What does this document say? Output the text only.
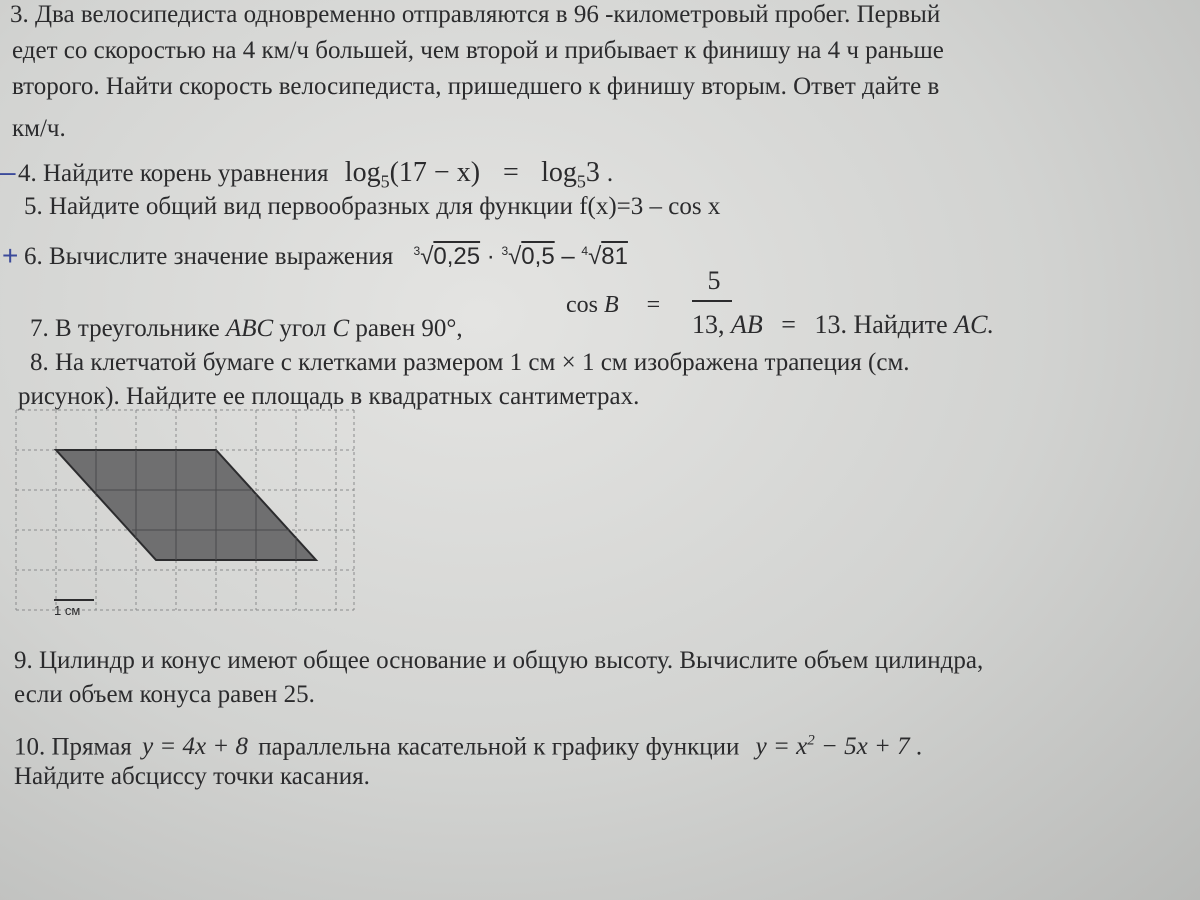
3. Два велосипедиста одновременно отправляются в 96 -километровый пробег. Первый
едет со скоростью на 4 км/ч большей, чем второй и прибывает к финишу на 4 ч раньше
второго. Найти скорость велосипедиста, пришедшего к финишу вторым. Ответ дайте в
км/ч.
– 4. Найдите корень уравнения $\log_5(17 - x) = \log_53$ .
5. Найдите общий вид первообразных для функции f(x)=3 – cos x
+ 6. Вычислите значение выражения $^3$√0,25 · $^3$√0,5 – $^4$√81
7. В треугольнике ABC угол C равен 90°,
cos B =
5
13, AB = 13. Найдите AC.
8. На клетчатой бумаге с клетками размером 1 см × 1 см изображена трапеция (см.
рисунок). Найдите ее площадь в квадратных сантиметрах.
1 см
9. Цилиндр и конус имеют общее основание и общую высоту. Вычислите объем цилиндра,
если объем конуса равен 25.
10. Прямая y = 4x + 8 параллельна касательной к графику функции $y = x^2 - 5x + 7$ .
Найдите абсциссу точки касания.
